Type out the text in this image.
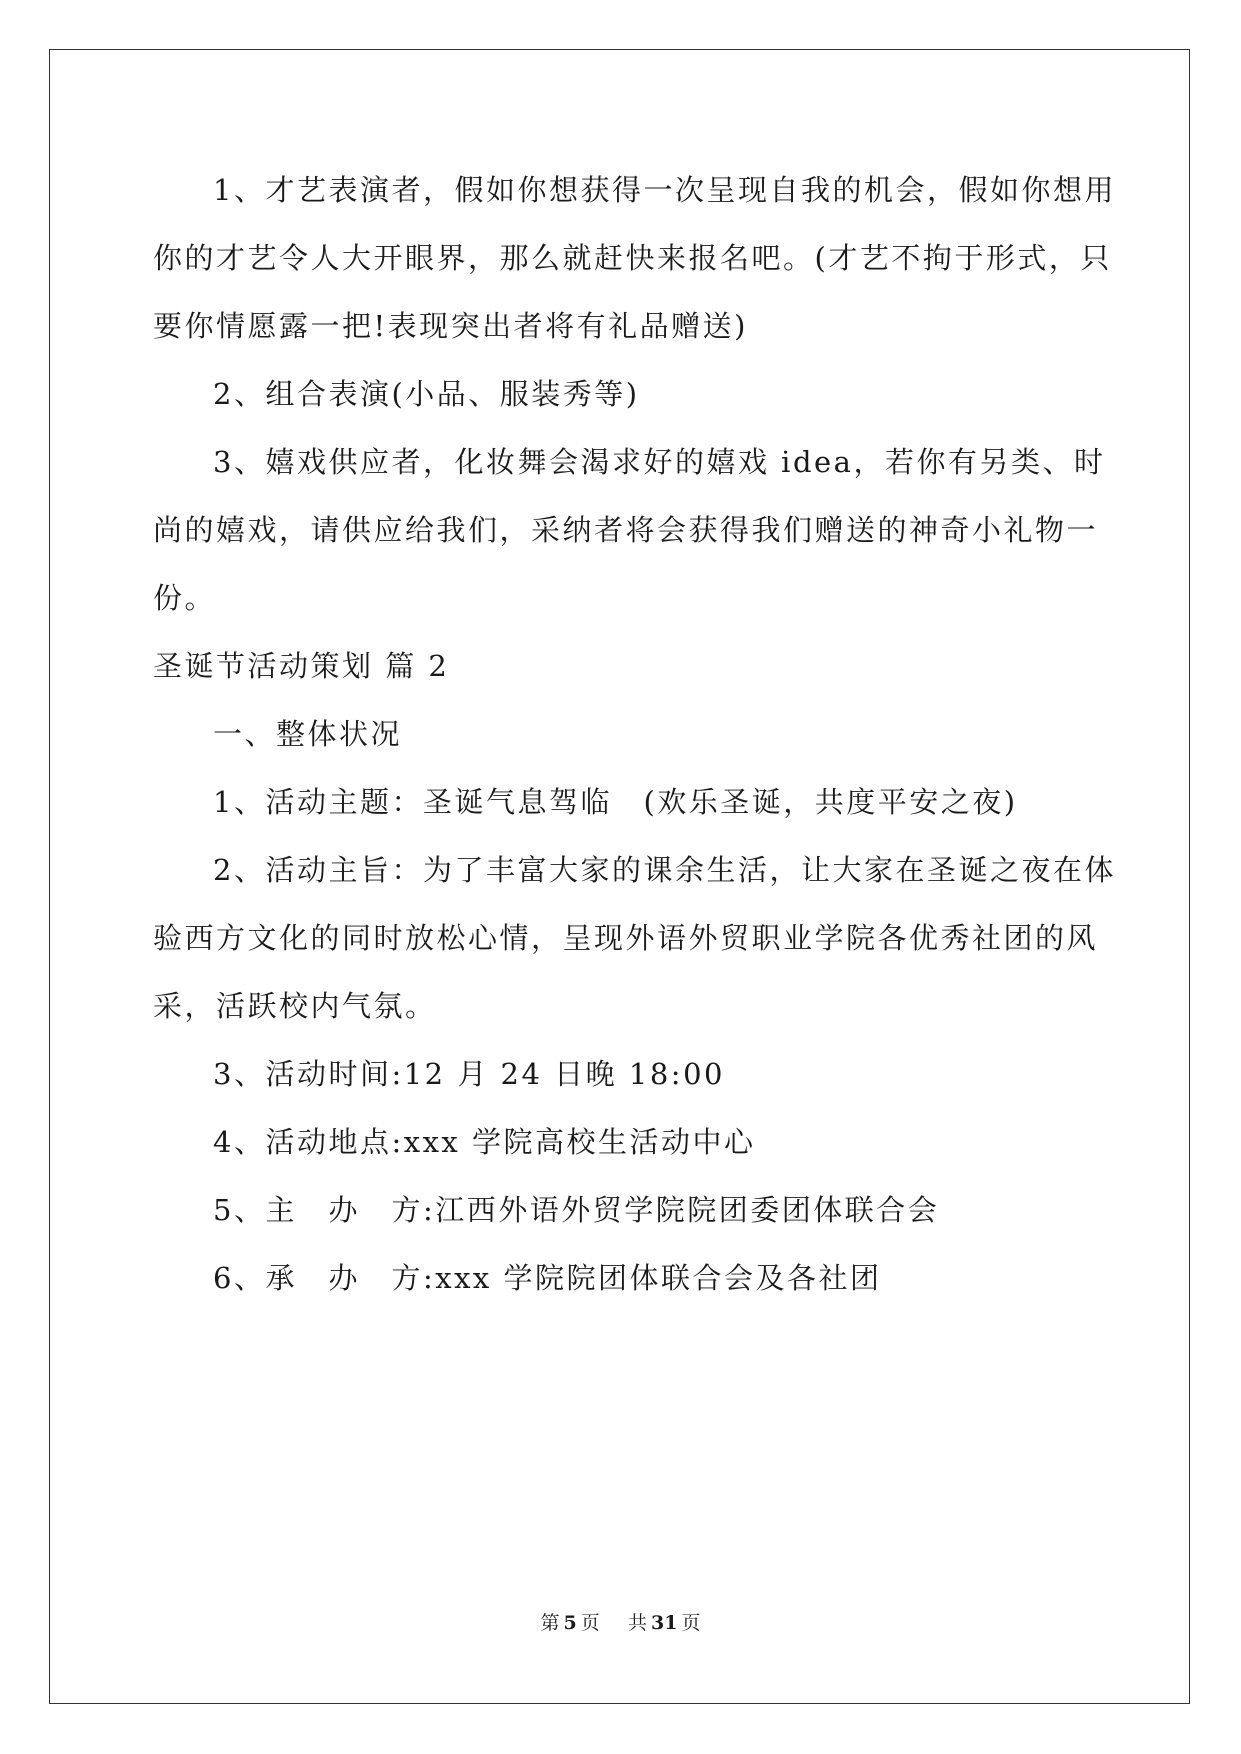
1、才艺表演者，假如你想获得一次呈现自我的机会，假如你想用
你的才艺令人大开眼界，那么就赶快来报名吧。(才艺不拘于形式，只
要你情愿露一把!表现突出者将有礼品赠送)
2、组合表演(小品、服装秀等)
3、嬉戏供应者，化妆舞会渴求好的嬉戏 idea，若你有另类、时
尚的嬉戏，请供应给我们，采纳者将会获得我们赠送的神奇小礼物一
份。
圣诞节活动策划 篇 2
一、整体状况
1、活动主题：圣诞气息驾临　(欢乐圣诞，共度平安之夜)
2、活动主旨：为了丰富大家的课余生活，让大家在圣诞之夜在体
验西方文化的同时放松心情，呈现外语外贸职业学院各优秀社团的风
采，活跃校内气氛。
3、活动时间:12 月 24 日晚 18:00
4、活动地点:xxx 学院高校生活动中心
5、主　办　方:江西外语外贸学院院团委团体联合会
6、承　办　方:xxx 学院院团体联合会及各社团
第 5 页 共 31 页
